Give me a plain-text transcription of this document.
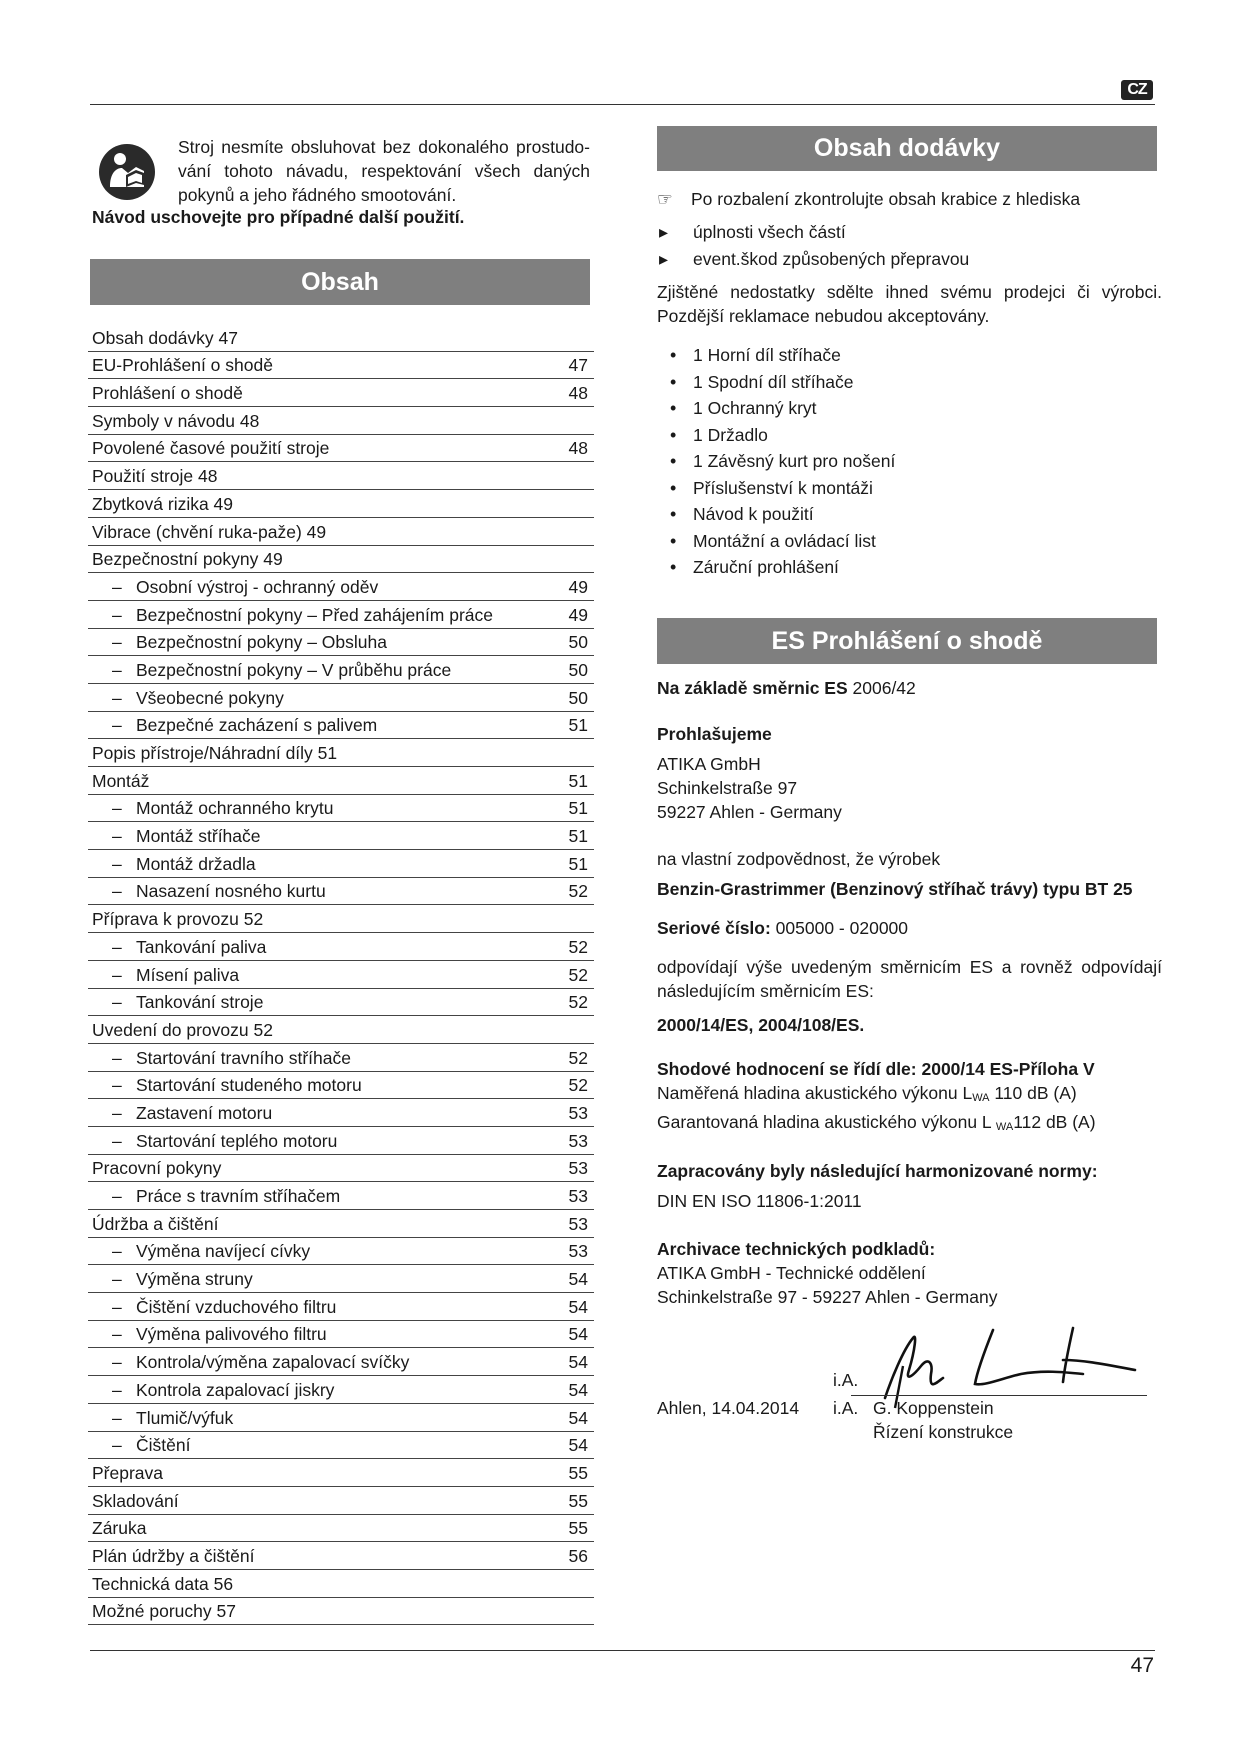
CZ
Stroj nesmíte obsluhovat bez dokonalého prostudo-vání tohoto návadu, respektování všech daných pokynů a jeho řádného smootování.
Návod uschovejte pro případné další použití.
Obsah
Obsah dodávky 47
EU-Prohlášení o shodě	47
Prohlášení o shodě	48
Symboly v návodu 48
Povolené časové použití stroje	48
Použití stroje 48
Zbytková rizika 49
Vibrace (chvění ruka-paže) 49
Bezpečnostní pokyny 49
– Osobní výstroj - ochranný oděv	49
– Bezpečnostní pokyny – Před zahájením práce	49
– Bezpečnostní pokyny – Obsluha	50
– Bezpečnostní pokyny – V průběhu práce	50
– Všeobecné pokyny	50
– Bezpečné zacházení s palivem	51
Popis přístroje/Náhradní díly 51
Montáž	51
– Montáž ochranného krytu	51
– Montáž stříhače	51
– Montáž držadla	51
– Nasazení nosného kurtu	52
Příprava k provozu 52
– Tankování paliva	52
– Mísení paliva	52
– Tankování stroje	52
Uvedení do provozu 52
– Startování travního stříhače	52
– Startování studeného motoru	52
– Zastavení motoru	53
– Startování teplého motoru	53
Pracovní pokyny	53
– Práce s travním stříhačem	53
Údržba a čištění	53
– Výměna navíjecí cívky	53
– Výměna struny	54
– Čištění vzduchového filtru	54
– Výměna palivového filtru	54
– Kontrola/výměna zapalovací svíčky	54
– Kontrola zapalovací jiskry	54
– Tlumič/výfuk	54
– Čištění	54
Přeprava	55
Skladování	55
Záruka	55
Plán údržby a čištění	56
Technická data 56
Možné poruchy 57
Obsah dodávky
☞ Po rozbalení zkontrolujte obsah krabice z hlediska
▸ úplnosti všech částí
▸ event.škod způsobených přepravou
Zjištěné nedostatky sdělte ihned svému prodejci či výrobci. Pozdější reklamace nebudou akceptovány.
• 1 Horní díl stříhače
• 1 Spodní díl stříhače
• 1 Ochranný kryt
• 1 Držadlo
• 1 Závěsný kurt pro nošení
• Příslušenství k montáži
• Návod k použití
• Montážní a ovládací list
• Záruční prohlášení
ES Prohlášení o shodě
Na základě směrnic ES 2006/42
Prohlašujeme
ATIKA GmbH
Schinkelstraße 97
59227 Ahlen - Germany
na vlastní zodpovědnost, že výrobek
Benzin-Grastrimmer (Benzinový stříhač trávy) typu BT 25
Seriové číslo: 005000 - 020000
odpovídají výše uvedeným směrnicím ES a rovněž odpovídají následujícím směrnicím ES:
2000/14/ES, 2004/108/ES.
Shodové hodnocení se řídí dle: 2000/14 ES-Příloha V
Naměřená hladina akustického výkonu $L_{WA}$ 110 dB (A)
Garantovaná hladina akustického výkonu L $_{WA}$112 dB (A)
Zapracovány byly následující harmonizované normy:
DIN EN ISO 11806-1:2011
Archivace technických podkladů:
ATIKA GmbH - Technické oddělení
Schinkelstraße 97 - 59227 Ahlen - Germany
i.A.
Ahlen, 14.04.2014	i.A. G. Koppenstein
Řízení konstrukce
47
